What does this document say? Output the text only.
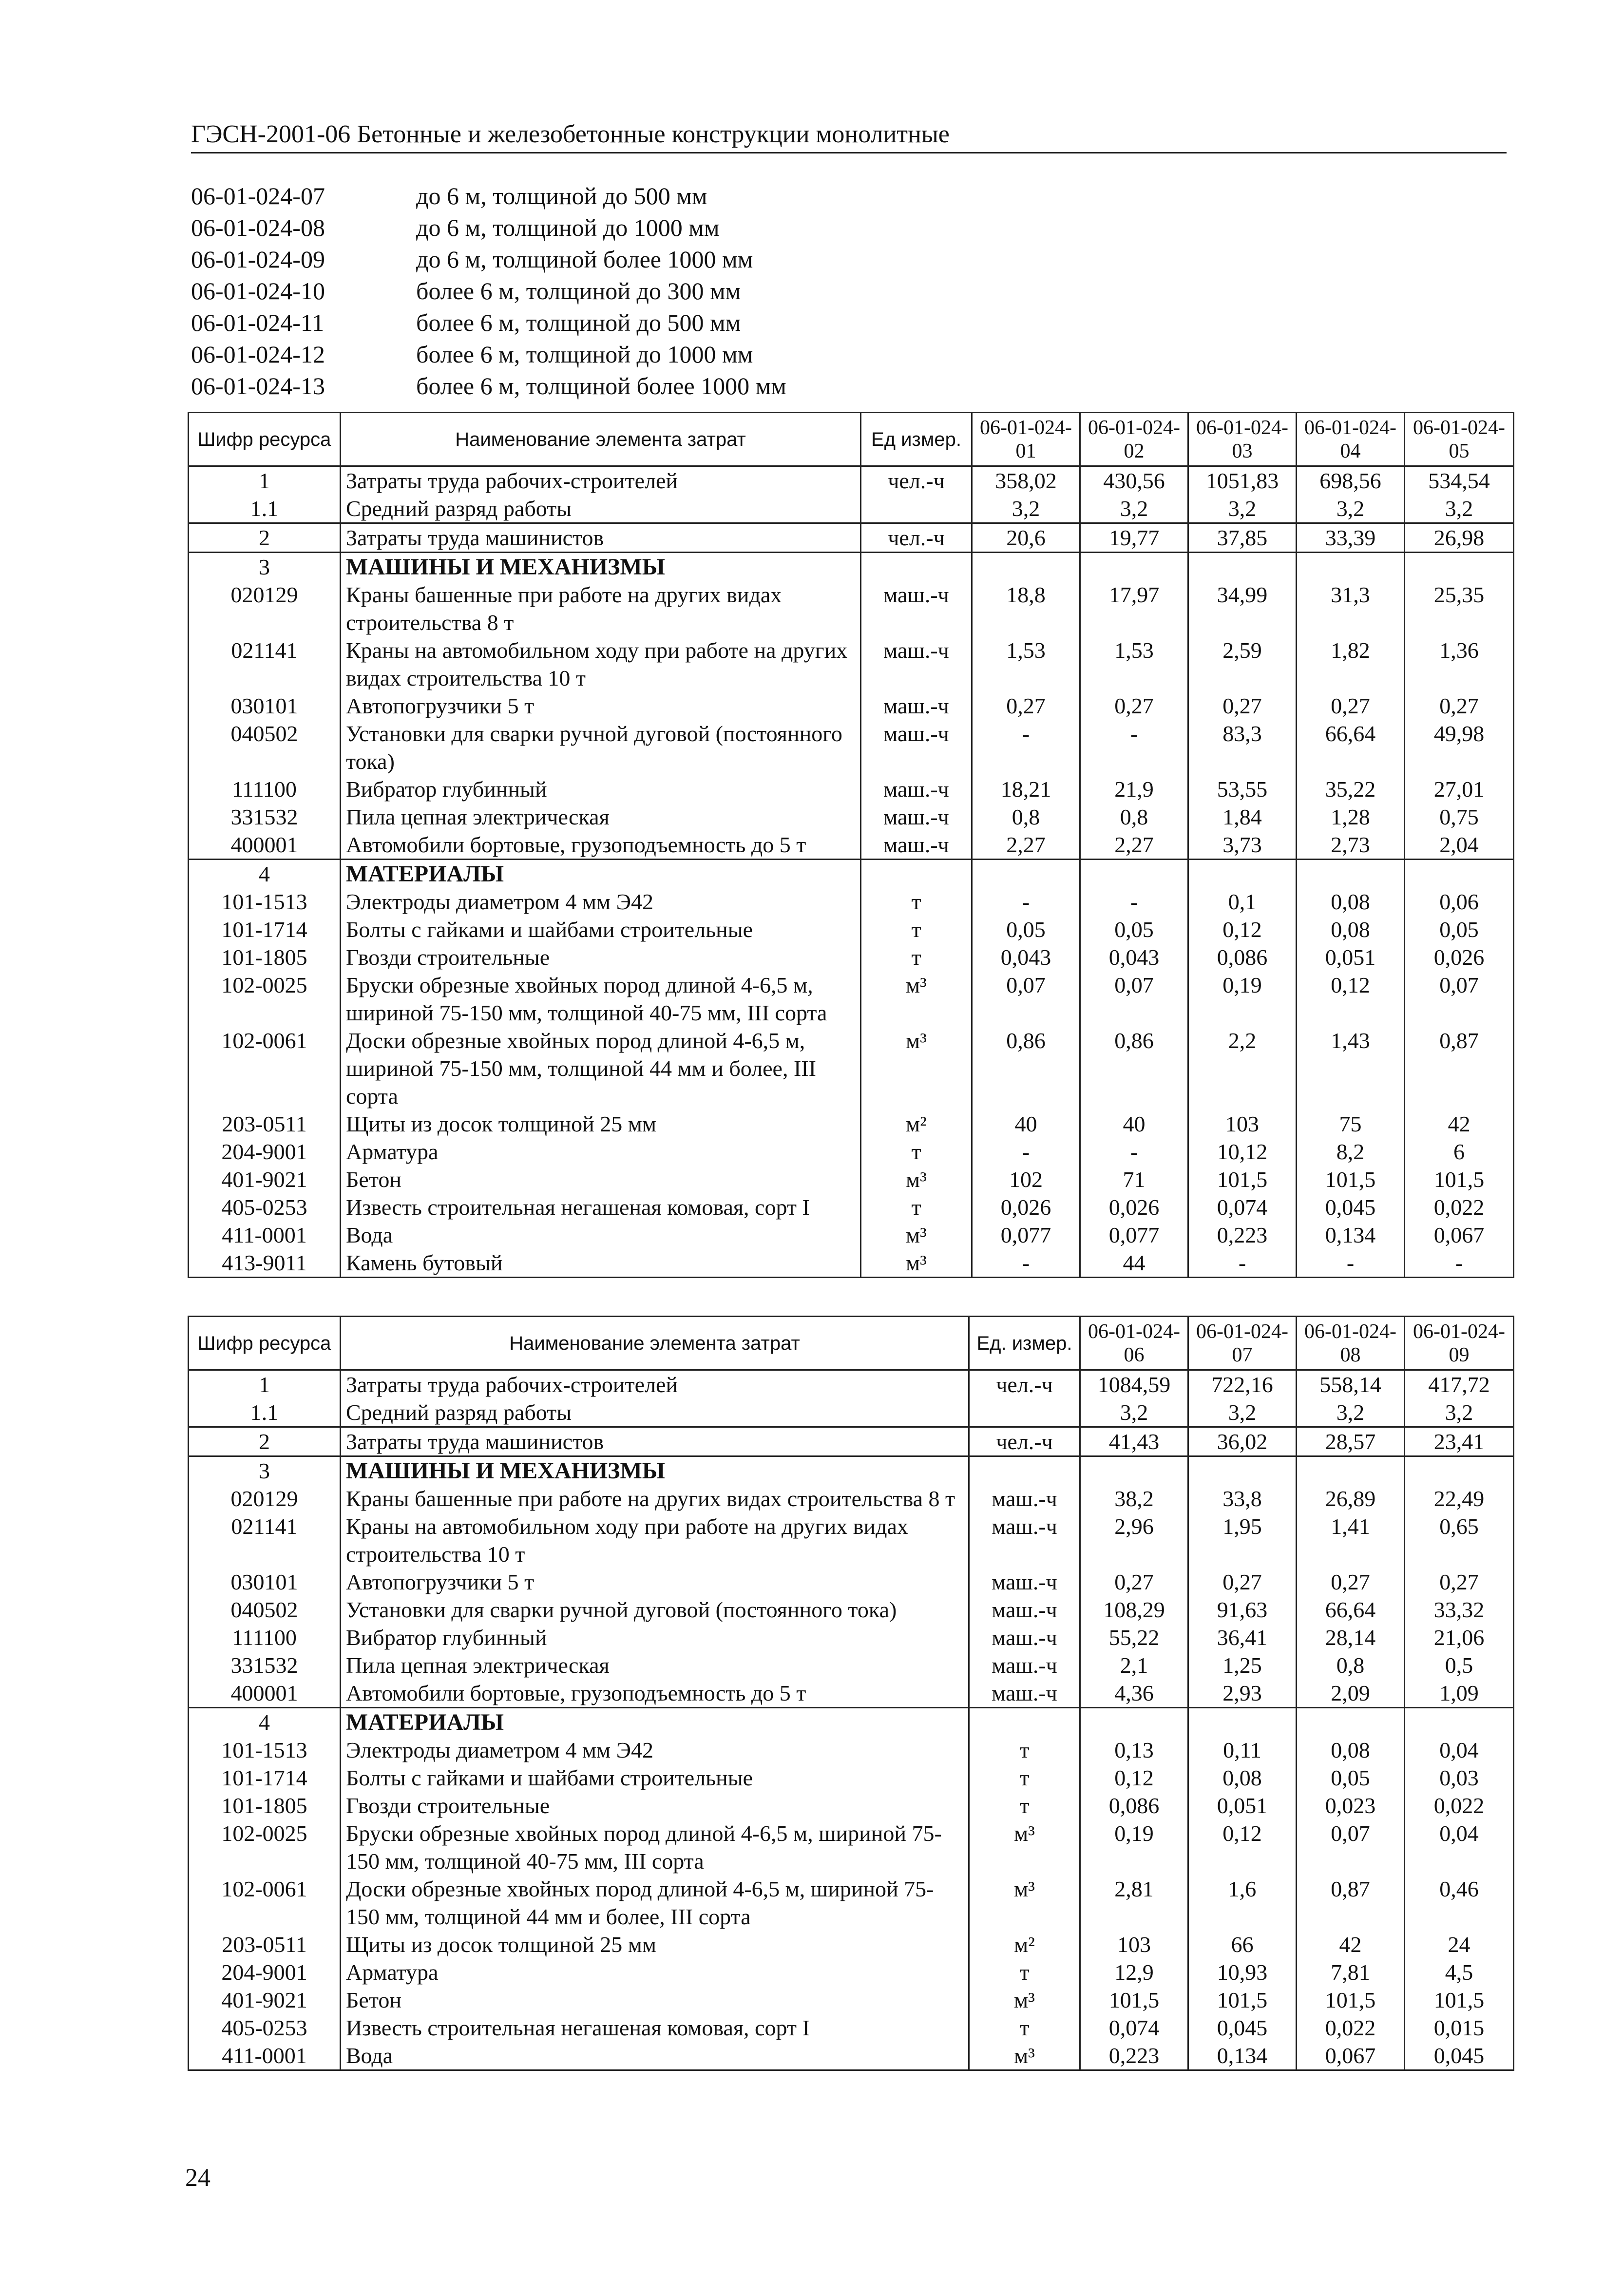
ГЭСН-2001-06 Бетонные и железобетонные конструкции монолитные
06-01-024-07	до 6 м, толщиной до 500 мм
06-01-024-08	до 6 м, толщиной до 1000 мм
06-01-024-09	до 6 м, толщиной более 1000 мм
06-01-024-10	более 6 м, толщиной до 300 мм
06-01-024-11	более 6 м, толщиной до 500 мм
06-01-024-12	более 6 м, толщиной до 1000 мм
06-01-024-13	более 6 м, толщиной более 1000 мм
Шифр ресурса	Наименование элемента затрат	Ед измер.	06-01-024-01	06-01-024-02	06-01-024-03	06-01-024-04	06-01-024-05
1	Затраты труда рабочих-строителей	чел.-ч	358,02	430,56	1051,83	698,56	534,54
1.1	Средний разряд работы		3,2	3,2	3,2	3,2	3,2
2	Затраты труда машинистов	чел.-ч	20,6	19,77	37,85	33,39	26,98
3	МАШИНЫ И МЕХАНИЗМЫ						
020129	Краны башенные при работе на других видах строительства 8 т	маш.-ч	18,8	17,97	34,99	31,3	25,35
021141	Краны на автомобильном ходу при работе на других видах строительства 10 т	маш.-ч	1,53	1,53	2,59	1,82	1,36
030101	Автопогрузчики 5 т	маш.-ч	0,27	0,27	0,27	0,27	0,27
040502	Установки для сварки ручной дуговой (постоянного тока)	маш.-ч	-	-	83,3	66,64	49,98
111100	Вибратор глубинный	маш.-ч	18,21	21,9	53,55	35,22	27,01
331532	Пила цепная электрическая	маш.-ч	0,8	0,8	1,84	1,28	0,75
400001	Автомобили бортовые, грузоподъемность до 5 т	маш.-ч	2,27	2,27	3,73	2,73	2,04
4	МАТЕРИАЛЫ						
101-1513	Электроды диаметром 4 мм Э42	т	-	-	0,1	0,08	0,06
101-1714	Болты с гайками и шайбами строительные	т	0,05	0,05	0,12	0,08	0,05
101-1805	Гвозди строительные	т	0,043	0,043	0,086	0,051	0,026
102-0025	Бруски обрезные хвойных пород длиной 4-6,5 м, шириной 75-150 мм, толщиной 40-75 мм, III сорта	м³	0,07	0,07	0,19	0,12	0,07
102-0061	Доски обрезные хвойных пород длиной 4-6,5 м, шириной 75-150 мм, толщиной 44 мм и более, III сорта	м³	0,86	0,86	2,2	1,43	0,87
203-0511	Щиты из досок толщиной 25 мм	м²	40	40	103	75	42
204-9001	Арматура	т	-	-	10,12	8,2	6
401-9021	Бетон	м³	102	71	101,5	101,5	101,5
405-0253	Известь строительная негашеная комовая, сорт I	т	0,026	0,026	0,074	0,045	0,022
411-0001	Вода	м³	0,077	0,077	0,223	0,134	0,067
413-9011	Камень бутовый	м³	-	44	-	-	-
Шифр ресурса	Наименование элемента затрат	Ед. измер.	06-01-024-06	06-01-024-07	06-01-024-08	06-01-024-09
1	Затраты труда рабочих-строителей	чел.-ч	1084,59	722,16	558,14	417,72
1.1	Средний разряд работы		3,2	3,2	3,2	3,2
2	Затраты труда машинистов	чел.-ч	41,43	36,02	28,57	23,41
3	МАШИНЫ И МЕХАНИЗМЫ					
020129	Краны башенные при работе на других видах строительства 8 т	маш.-ч	38,2	33,8	26,89	22,49
021141	Краны на автомобильном ходу при работе на других видах строительства 10 т	маш.-ч	2,96	1,95	1,41	0,65
030101	Автопогрузчики 5 т	маш.-ч	0,27	0,27	0,27	0,27
040502	Установки для сварки ручной дуговой (постоянного тока)	маш.-ч	108,29	91,63	66,64	33,32
111100	Вибратор глубинный	маш.-ч	55,22	36,41	28,14	21,06
331532	Пила цепная электрическая	маш.-ч	2,1	1,25	0,8	0,5
400001	Автомобили бортовые, грузоподъемность до 5 т	маш.-ч	4,36	2,93	2,09	1,09
4	МАТЕРИАЛЫ					
101-1513	Электроды диаметром 4 мм Э42	т	0,13	0,11	0,08	0,04
101-1714	Болты с гайками и шайбами строительные	т	0,12	0,08	0,05	0,03
101-1805	Гвозди строительные	т	0,086	0,051	0,023	0,022
102-0025	Бруски обрезные хвойных пород длиной 4-6,5 м, шириной 75-150 мм, толщиной 40-75 мм, III сорта	м³	0,19	0,12	0,07	0,04
102-0061	Доски обрезные хвойных пород длиной 4-6,5 м, шириной 75-150 мм, толщиной 44 мм и более, III сорта	м³	2,81	1,6	0,87	0,46
203-0511	Щиты из досок толщиной 25 мм	м²	103	66	42	24
204-9001	Арматура	т	12,9	10,93	7,81	4,5
401-9021	Бетон	м³	101,5	101,5	101,5	101,5
405-0253	Известь строительная негашеная комовая, сорт I	т	0,074	0,045	0,022	0,015
411-0001	Вода	м³	0,223	0,134	0,067	0,045
24
